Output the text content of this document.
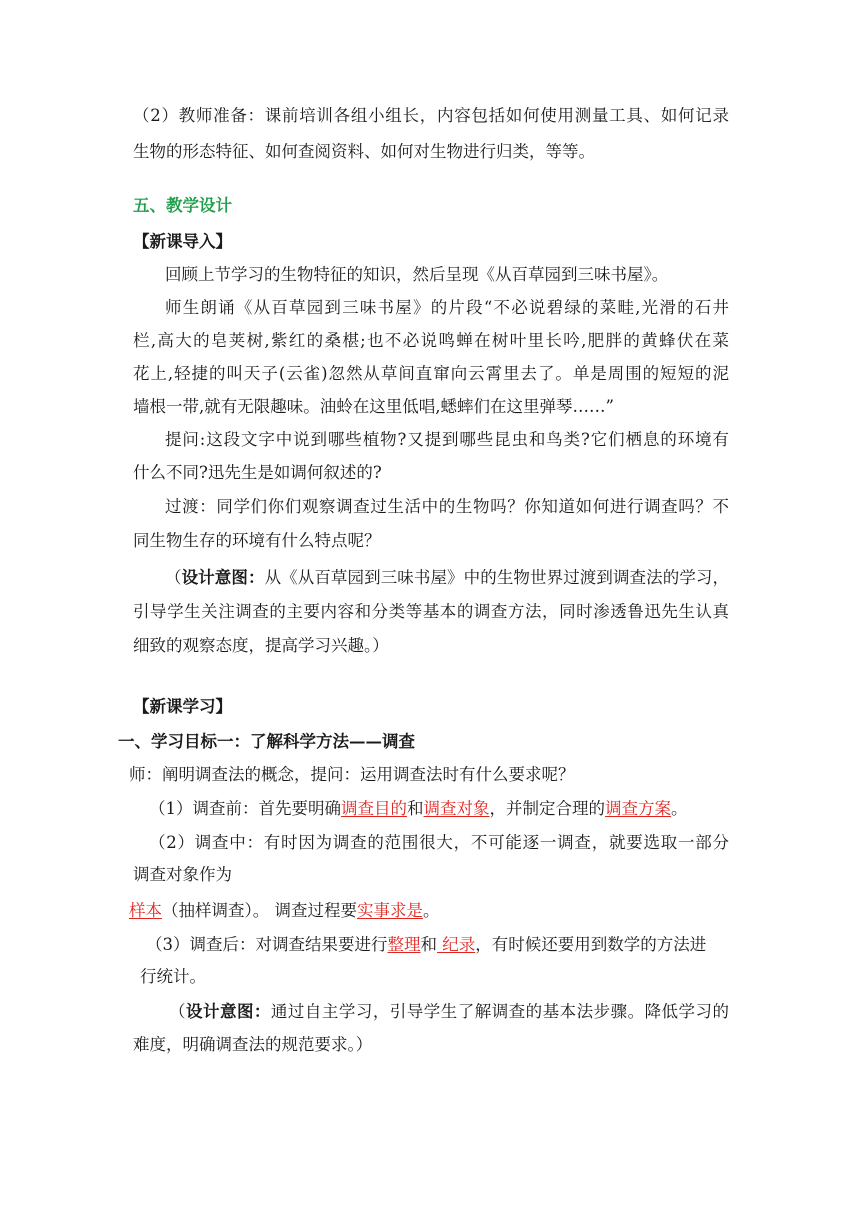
（2）教师准备：课前培训各组小组长，内容包括如何使用测量工具、如何记录

生物的形态特征、如何查阅资料、如何对生物进行归类，等等。

五、教学设计

【新课导入】

回顾上节学习的生物特征的知识，然后呈现《从百草园到三味书屋》。

师生朗诵《从百草园到三味书屋》的片段“不必说碧绿的菜畦,光滑的石井

栏,高大的皂荚树,紫红的桑椹;也不必说鸣蝉在树叶里长吟,肥胖的黄蜂伏在菜

花上,轻捷的叫天子(云雀)忽然从草间直窜向云霄里去了。单是周围的短短的泥

墙根一带,就有无限趣味。油蛉在这里低唱,蟋蟀们在这里弹琴……”

提问:这段文字中说到哪些植物?又提到哪些昆虫和鸟类?它们栖息的环境有

什么不同?迅先生是如调何叙述的?

过渡：同学们你们观察调查过生活中的生物吗？你知道如何进行调查吗？不

同生物生存的环境有什么特点呢？

（设计意图：从《从百草园到三味书屋》中的生物世界过渡到调查法的学习，

引导学生关注调查的主要内容和分类等基本的调查方法，同时渗透鲁迅先生认真

细致的观察态度，提高学习兴趣。）

【新课学习】

一、学习目标一：了解科学方法——调查

师：阐明调查法的概念，提问：运用调查法时有什么要求呢？

（1）调查前：首先要明确调查目的和调查对象，并制定合理的调查方案。

（2）调查中：有时因为调查的范围很大，不可能逐一调查，就要选取一部分

调查对象作为

样本（抽样调查）。 调查过程要实事求是。

（3）调查后：对调查结果要进行整理和 纪录，有时候还要用到数学的方法进

行统计。

（设计意图：通过自主学习，引导学生了解调查的基本法步骤。降低学习的

难度，明确调查法的规范要求。）
